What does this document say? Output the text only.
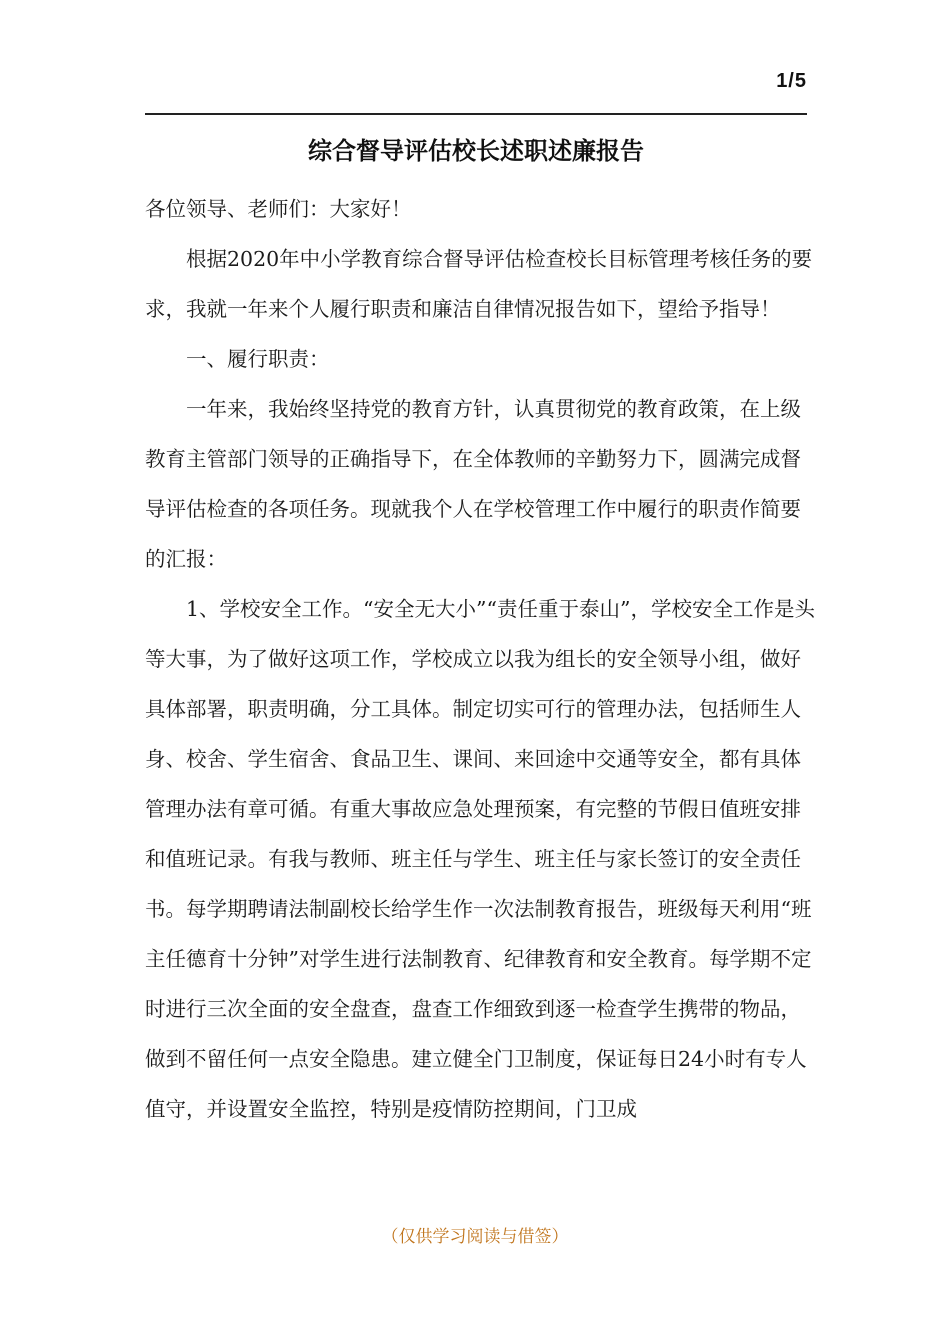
1/5
综合督导评估校长述职述廉报告

各位领导、老师们：大家好！

根据2020年中小学教育综合督导评估检查校长目标管理考核任务的要求，我就一年来个人履行职责和廉洁自律情况报告如下，望给予指导！

一、履行职责：

一年来，我始终坚持党的教育方针，认真贯彻党的教育政策，在上级教育主管部门领导的正确指导下，在全体教师的辛勤努力下，圆满完成督导评估检查的各项任务。现就我个人在学校管理工作中履行的职责作简要的汇报：

1、学校安全工作。“安全无大小”“责任重于泰山”，学校安全工作是头等大事，为了做好这项工作，学校成立以我为组长的安全领导小组，做好具体部署，职责明确，分工具体。制定切实可行的管理办法，包括师生人身、校舍、学生宿舍、食品卫生、课间、来回途中交通等安全，都有具体管理办法有章可循。有重大事故应急处理预案，有完整的节假日值班安排和值班记录。有我与教师、班主任与学生、班主任与家长签订的安全责任书。每学期聘请法制副校长给学生作一次法制教育报告，班级每天利用“班主任德育十分钟”对学生进行法制教育、纪律教育和安全教育。每学期不定时进行三次全面的安全盘查，盘查工作细致到逐一检查学生携带的物品，做到不留任何一点安全隐患。建立健全门卫制度，保证每日24小时有专人值守，并设置安全监控，特别是疫情防控期间，门卫成

（仅供学习阅读与借签）
